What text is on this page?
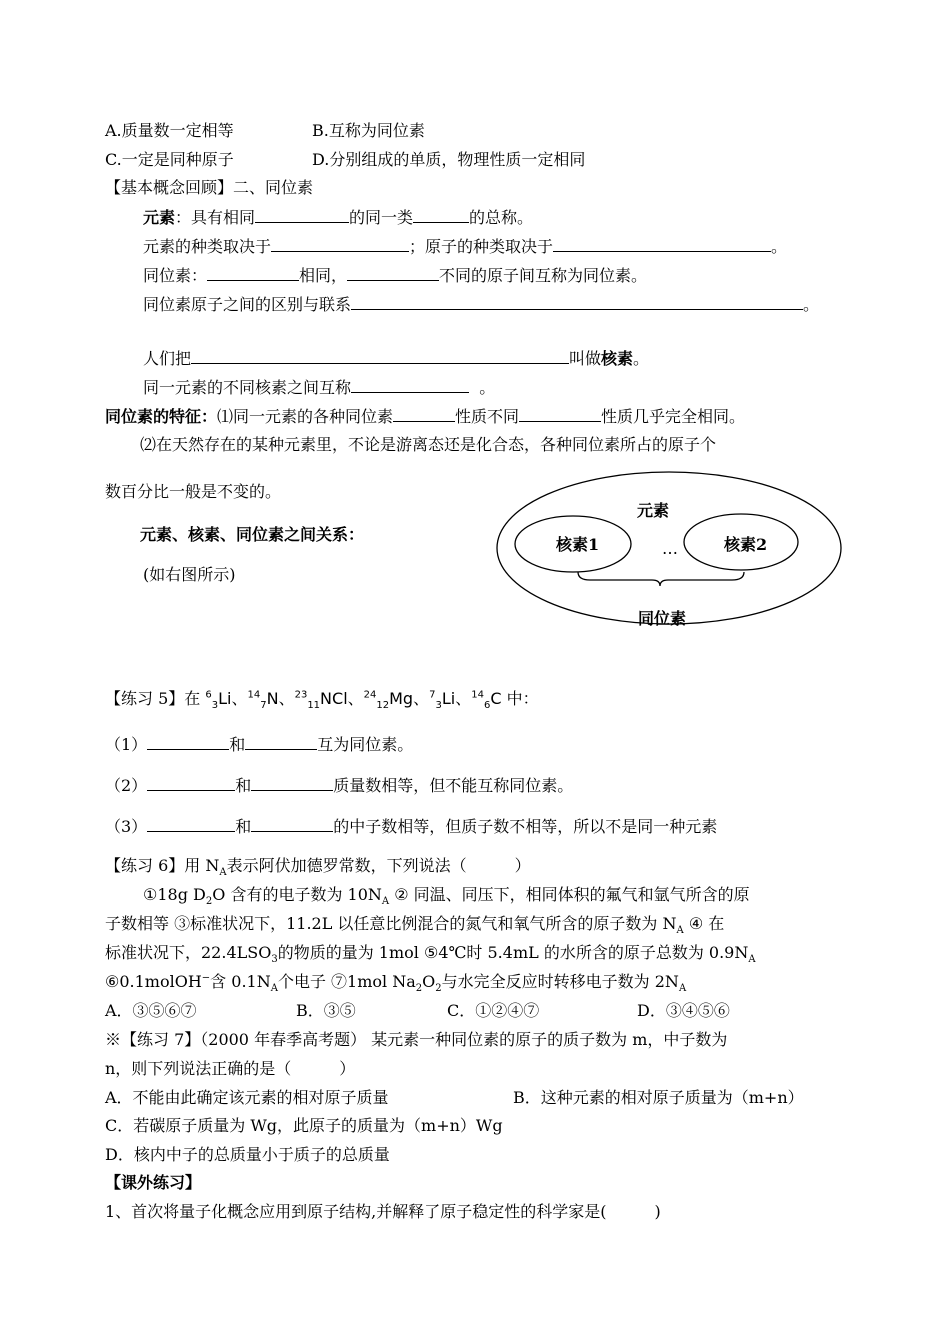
A.质量数一定相等	B.互称为同位素
C.一定是同种原子	D.分别组成的单质，物理性质一定相同
【基本概念回顾】二、同位素
元素：具有相同	的同一类	的总称。
元素的种类取决于	；原子的种类取决于	。
同位素：	相同，	不同的原子间互称为同位素。
同位素原子之间的区别与联系	。
人们把	叫做核素。
同一元素的不同核素之间互称	。
同位素的特征：⑴同一元素的各种同位素	性质不同	性质几乎完全相同。
⑵在天然存在的某种元素里，不论是游离态还是化合态，各种同位素所占的原子个
数百分比一般是不变的。
元素、核素、同位素之间关系：
(如右图所示)
元素
核素1	…	核素2
同位素
【练习 5】在 $^6_3$Li、$^{14}_7$N、$^{23}_{11}$NCl、$^{24}_{12}$Mg、$^7_3$Li、$^{14}_6$C 中：
（1）	和	互为同位素。
（2）	和	质量数相等，但不能互称同位素。
（3）	和	的中子数相等，但质子数不相等，所以不是同一种元素
【练习 6】用 $N_A$表示阿伏加德罗常数，下列说法（　　　）
①18g $D_2O$ 含有的电子数为 $10N_A$ ② 同温、同压下，相同体积的氟气和氩气所含的原
子数相等 ③标准状况下，11.2L 以任意比例混合的氮气和氧气所含的原子数为 $N_A$ ④ 在
标准状况下，$22.4LSO_3$的物质的量为 1mol ⑤4℃时 5.4mL 的水所含的原子总数为 $0.9N_A$
⑥0.1molOH−含 $0.1N_A$个电子 ⑦1mol $Na_2O_2$与水完全反应时转移电子数为 $2N_A$
A．③⑤⑥⑦	B．③⑤	C．①②④⑦	D．③④⑤⑥
※【练习 7】（2000 年春季高考题） 某元素一种同位素的原子的质子数为 m，中子数为
n，则下列说法正确的是（　　　）
A．不能由此确定该元素的相对原子质量	B．这种元素的相对原子质量为（m+n）
C．若碳原子质量为 Wg，此原子的质量为（m+n）Wg
D．核内中子的总质量小于质子的总质量
【课外练习】
1、首次将量子化概念应用到原子结构,并解释了原子稳定性的科学家是(　　　)
